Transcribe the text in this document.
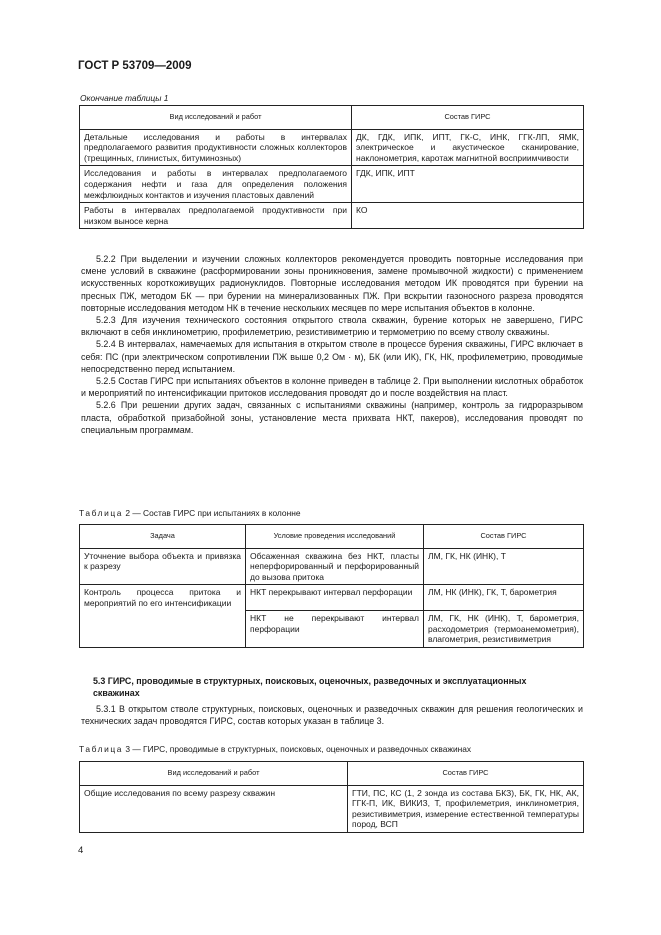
ГОСТ Р 53709—2009
Окончание таблицы 1
Вид исследований и работ	Состав ГИРС
Детальные исследования и работы в интервалах предполагаемого развития продуктивности сложных коллекторов (трещинных, глинистых, битуминозных)	ДК, ГДК, ИПК, ИПТ, ГК-С, ИНК, ГГК-ЛП, ЯМК, электрическое и акустическое сканирование, наклонометрия, каротаж магнитной восприимчивости
Исследования и работы в интервалах предполагаемого содержания нефти и газа для определения положения межфлюидных контактов и изучения пластовых давлений	ГДК, ИПК, ИПТ
Работы в интервалах предполагаемой продуктивности при низком выносе керна	КО

5.2.2 При выделении и изучении сложных коллекторов рекомендуется проводить повторные исследования при смене условий в скважине (расформировании зоны проникновения, замене промывочной жидкости) с применением искусственных короткоживущих радионуклидов. Повторные исследования методом ИК проводятся при бурении на пресных ПЖ, методом БК — при бурении на минерализованных ПЖ. При вскрытии газоносного разреза проводятся повторные исследования методом НК в течение нескольких месяцев по мере испытания объектов в колонне.

5.2.3 Для изучения технического состояния открытого ствола скважин, бурение которых не завершено, ГИРС включают в себя инклинометрию, профилеметрию, резистивиметрию и термометрию по всему стволу скважины.

5.2.4 В интервалах, намечаемых для испытания в открытом стволе в процессе бурения скважины, ГИРС включает в себя: ПС (при электрическом сопротивлении ПЖ выше 0,2 Ом · м), БК (или ИК), ГК, НК, профилеметрию, проводимые непосредственно перед испытанием.

5.2.5 Состав ГИРС при испытаниях объектов в колонне приведен в таблице 2. При выполнении кислотных обработок и мероприятий по интенсификации притоков исследования проводят до и после воздействия на пласт.

5.2.6 При решении других задач, связанных с испытаниями скважины (например, контроль за гидроразрывом пласта, обработкой призабойной зоны, установление места прихвата НКТ, пакеров), исследования проводят по специальным программам.

Таблица 2 — Состав ГИРС при испытаниях в колонне
Задача	Условие проведения исследований	Состав ГИРС
Уточнение выбора объекта и привязка к разрезу	Обсаженная скважина без НКТ, пласты неперфорированный и перфорированный до вызова притока	ЛМ, ГК, НК (ИНК), Т
Контроль процесса притока и мероприятий по его интенсификации	НКТ перекрывают интервал перфорации	ЛМ, НК (ИНК), ГК, Т, барометрия
	НКТ не перекрывают интервал перфорации	ЛМ, ГК, НК (ИНК), Т, барометрия, расходометрия (термоанемометрия), влагометрия, резистивиметрия
5.3 ГИРС, проводимые в структурных, поисковых, оценочных, разведочных и эксплуатационных скважинах

5.3.1 В открытом стволе структурных, поисковых, оценочных и разведочных скважин для решения геологических и технических задач проводятся ГИРС, состав которых указан в таблице 3.

Таблица 3 — ГИРС, проводимые в структурных, поисковых, оценочных и разведочных скважинах
Вид исследований и работ	Состав ГИРС
Общие исследования по всему разрезу скважин	ГТИ, ПС, КС (1, 2 зонда из состава БКЗ), БК, ГК, НК, АК, ГГК-П, ИК, ВИКИЗ, Т, профилеметрия, инклинометрия, резистивиметрия, измерение естественной температуры пород, ВСП
4
